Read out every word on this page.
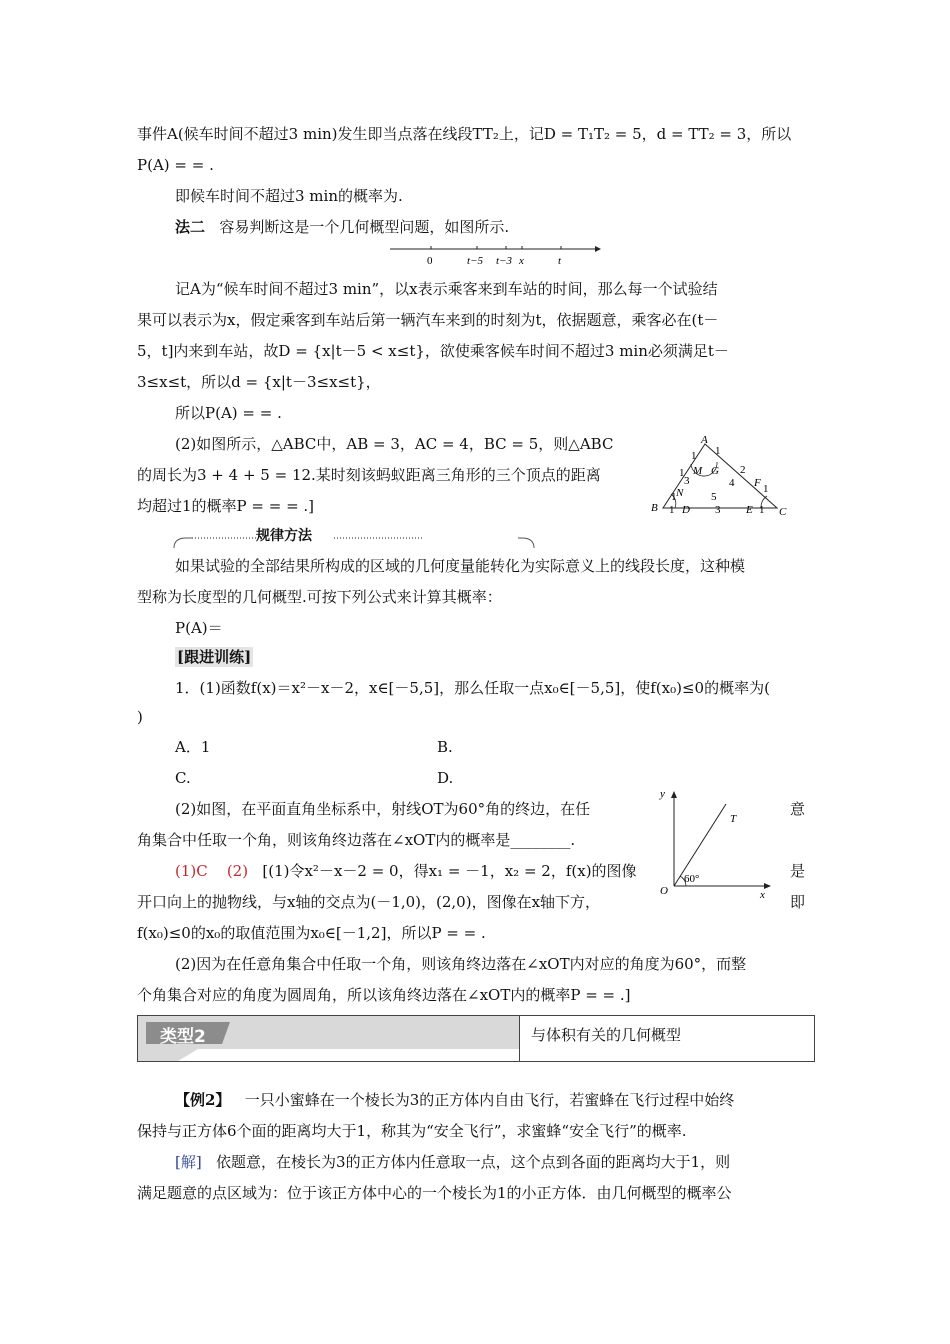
事件A(候车时间不超过3 min)发生即当点落在线段TT₂上，记D = T₁T₂ = 5，d = TT₂ = 3，所以
P(A) = = .
即候车时间不超过3 min的概率为.
法二 容易判断这是一个几何概型问题，如图所示.
0	t−5 t−3 x	t
记A为“候车时间不超过3 min”，以x表示乘客来到车站的时间，那么每一个试验结
果可以表示为x，假定乘客到车站后第一辆汽车来到的时刻为t，依据题意，乘客必在(t－
5，t]内来到车站，故D = {x|t－5 < x≤t}，欲使乘客候车时间不超过3 min必须满足t－
3≤x≤t，所以d = {x|t－3≤x≤t}，
所以P(A) = = .
(2)如图所示，△ABC中，AB = 3，AC = 4，BC = 5，则△ABC
的周长为3 + 4 + 5 = 12.某时刻该蚂蚁距离三角形的三个顶点的距离
均超过1的概率P = = = .]
A
B	C
M G
F
N
D	E
1
1
1
3
2
4	1
1	5
1	3	1
规律方法
如果试验的全部结果所构成的区域的几何度量能转化为实际意义上的线段长度，这种模
型称为长度型的几何概型.可按下列公式来计算其概率：
P(A)＝
[跟进训练]
1．(1)函数f(x)＝x²－x－2，x∈[－5,5]，那么任取一点x₀∈[－5,5]，使f(x₀)≤0的概率为(
)
A．1	B.
C.	D.
(2)如图，在平面直角坐标系中，射线OT为60°角的终边，在任	意
角集合中任取一个角，则该角终边落在∠xOT内的概率是________.
(1)C (2) [(1)令x²－x－2 = 0，得x₁ = －1，x₂ = 2，f(x)的图像	是
开口向上的抛物线，与x轴的交点为(－1,0)，(2,0)，图像在x轴下方，	即
f(x₀)≤0的x₀的取值范围为x₀∈[－1,2]，所以P = = .
y
T
O
60°
x
(2)因为在任意角集合中任取一个角，则该角终边落在∠xOT内对应的角度为60°，而整
个角集合对应的角度为圆周角，所以该角终边落在∠xOT内的概率P = = .]
类型2	与体积有关的几何概型
【例2】 一只小蜜蜂在一个棱长为3的正方体内自由飞行，若蜜蜂在飞行过程中始终
保持与正方体6个面的距离均大于1，称其为“安全飞行”，求蜜蜂“安全飞行”的概率.
[解] 依题意，在棱长为3的正方体内任意取一点，这个点到各面的距离均大于1，则
满足题意的点区域为：位于该正方体中心的一个棱长为1的小正方体．由几何概型的概率公
